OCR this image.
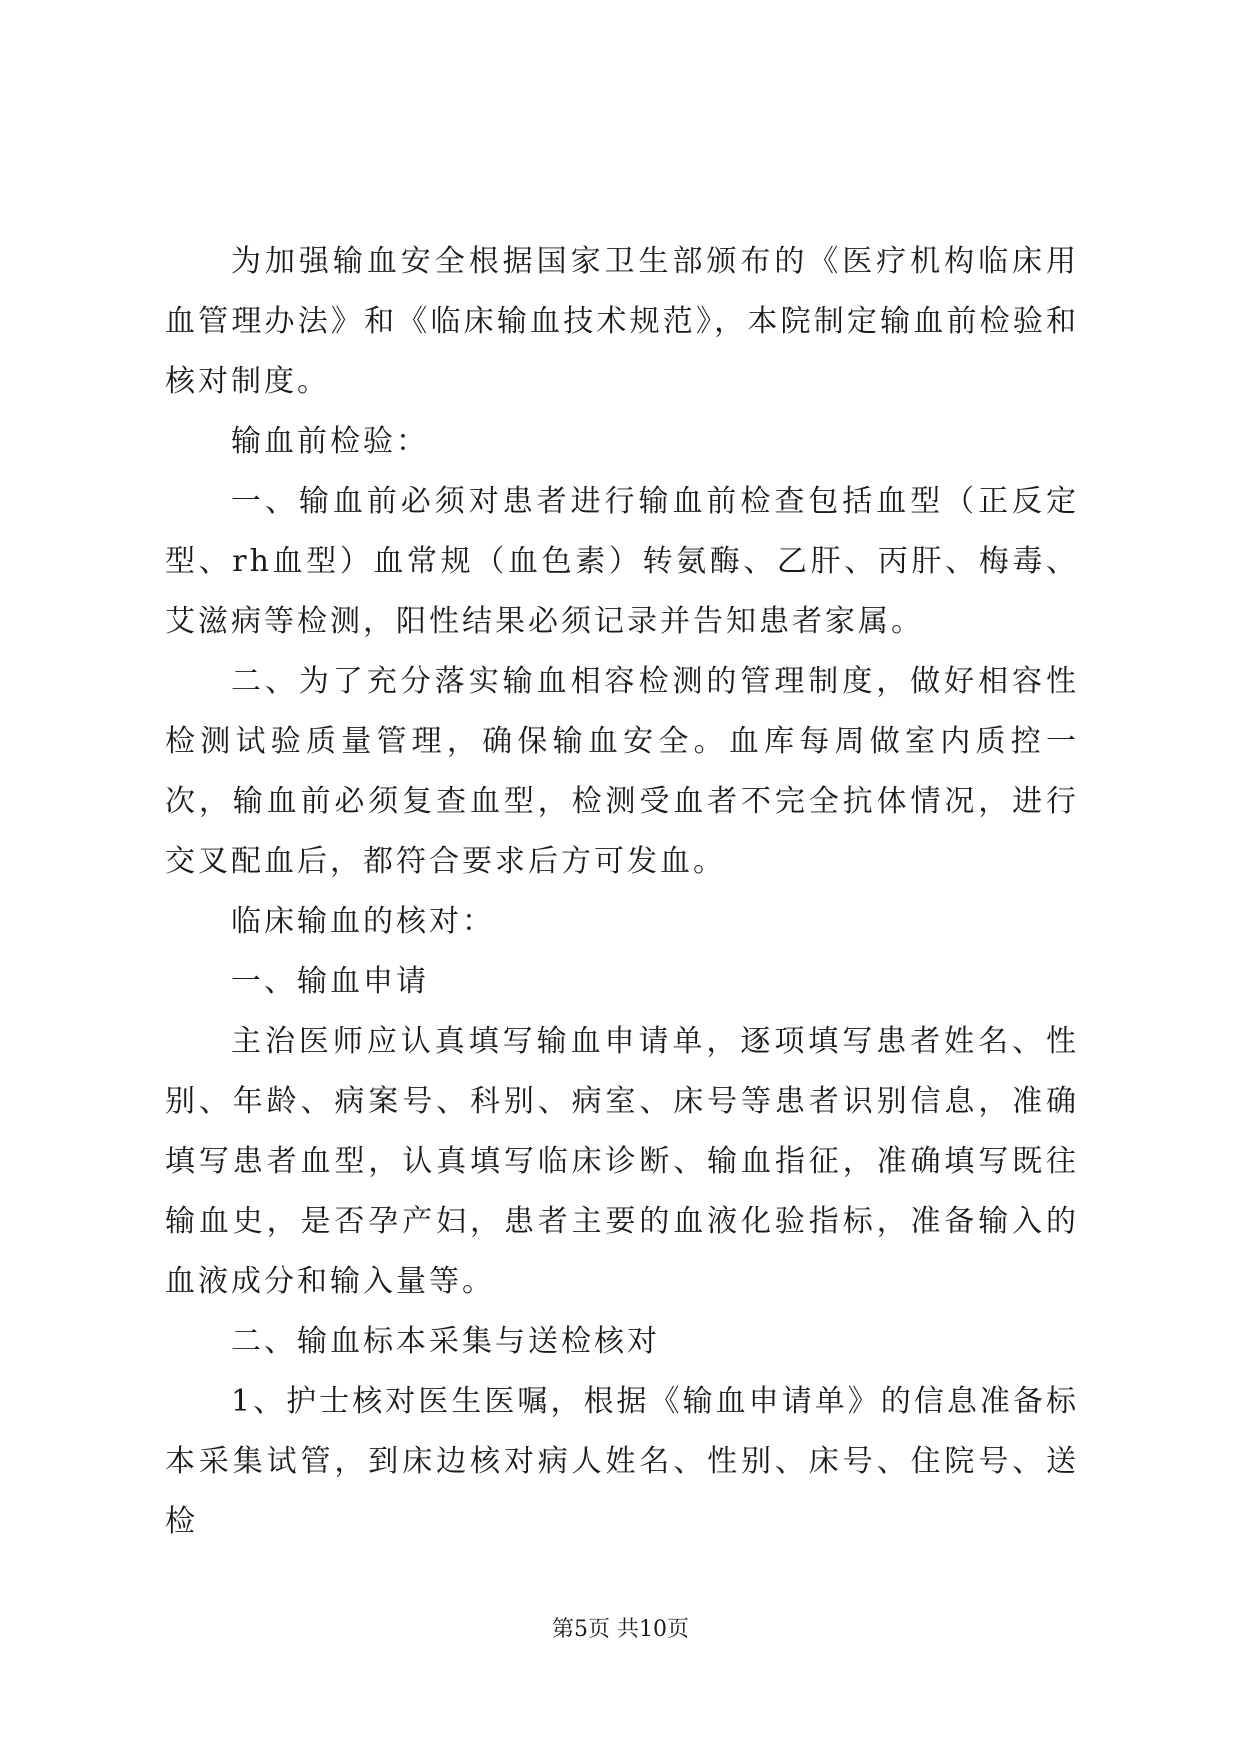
为加强输血安全根据国家卫生部颁布的《医疗机构临床用血管理办法》和《临床输血技术规范》，本院制定输血前检验和核对制度。

输血前检验：

一、输血前必须对患者进行输血前检查包括血型（正反定型、rh血型）血常规（血色素）转氨酶、乙肝、丙肝、梅毒、艾滋病等检测，阳性结果必须记录并告知患者家属。

二、为了充分落实输血相容检测的管理制度，做好相容性检测试验质量管理，确保输血安全。血库每周做室内质控一次，输血前必须复查血型，检测受血者不完全抗体情况，进行交叉配血后，都符合要求后方可发血。

临床输血的核对：

一、输血申请

主治医师应认真填写输血申请单，逐项填写患者姓名、性别、年龄、病案号、科别、病室、床号等患者识别信息，准确填写患者血型，认真填写临床诊断、输血指征，准确填写既往输血史，是否孕产妇，患者主要的血液化验指标，准备输入的血液成分和输入量等。

二、输血标本采集与送检核对

1、护士核对医生医嘱，根据《输血申请单》的信息准备标本采集试管，到床边核对病人姓名、性别、床号、住院号、送检

第5页 共10页
